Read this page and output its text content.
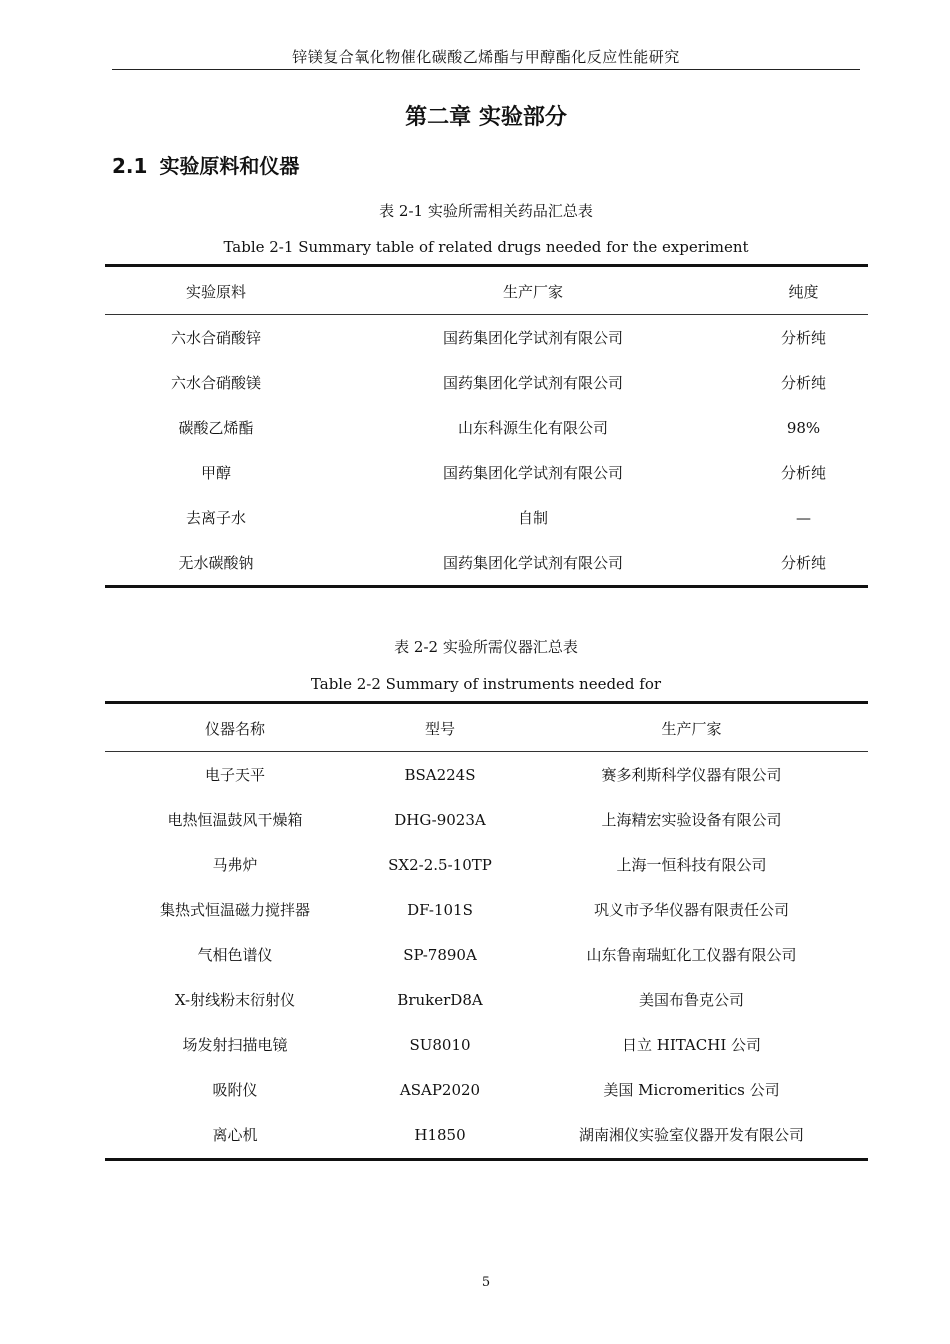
锌镁复合氧化物催化碳酸乙烯酯与甲醇酯化反应性能研究
第二章 实验部分
2.1 实验原料和仪器
表 2-1 实验所需相关药品汇总表
Table 2-1 Summary table of related drugs needed for the experiment
实验原料	生产厂家	纯度
六水合硝酸锌	国药集团化学试剂有限公司	分析纯
六水合硝酸镁	国药集团化学试剂有限公司	分析纯
碳酸乙烯酯	山东科源生化有限公司	98%
甲醇	国药集团化学试剂有限公司	分析纯
去离子水	自制	—
无水碳酸钠	国药集团化学试剂有限公司	分析纯
表 2-2 实验所需仪器汇总表
Table 2-2 Summary of instruments needed for
仪器名称	型号	生产厂家
电子天平	BSA224S	赛多利斯科学仪器有限公司
电热恒温鼓风干燥箱	DHG-9023A	上海精宏实验设备有限公司
马弗炉	SX2-2.5-10TP	上海一恒科技有限公司
集热式恒温磁力搅拌器	DF-101S	巩义市予华仪器有限责任公司
气相色谱仪	SP-7890A	山东鲁南瑞虹化工仪器有限公司
X-射线粉末衍射仪	BrukerD8A	美国布鲁克公司
场发射扫描电镜	SU8010	日立 HITACHI 公司
吸附仪	ASAP2020	美国 Micromeritics 公司
离心机	H1850	湖南湘仪实验室仪器开发有限公司
5
